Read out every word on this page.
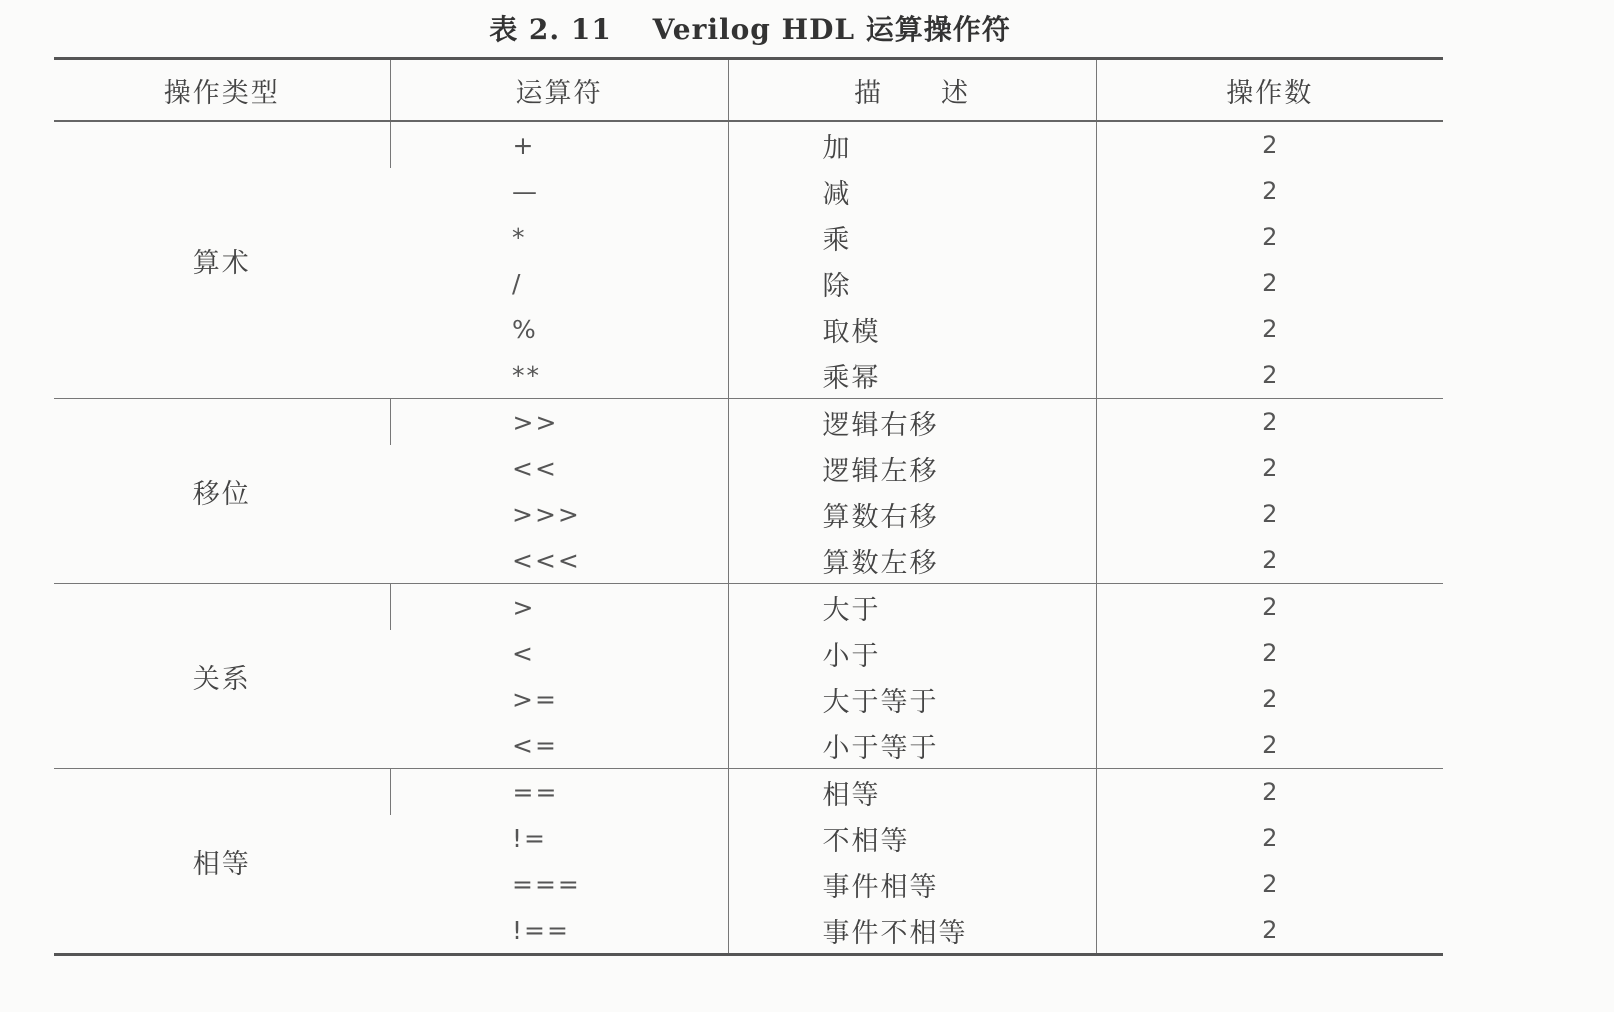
表 2. 11 Verilog HDL 运算操作符
操作类型	运算符	描　　述	操作数
算术	+	加	2
	—	减	2
	*	乘	2
	/	除	2
	%	取模	2
	**	乘幂	2
移位	>>	逻辑右移	2
	<<	逻辑左移	2
	>>>	算数右移	2
	<<<	算数左移	2
关系	>	大于	2
	<	小于	2
	>=	大于等于	2
	<=	小于等于	2
相等	==	相等	2
	!=	不相等	2
	===	事件相等	2
	!==	事件不相等	2
